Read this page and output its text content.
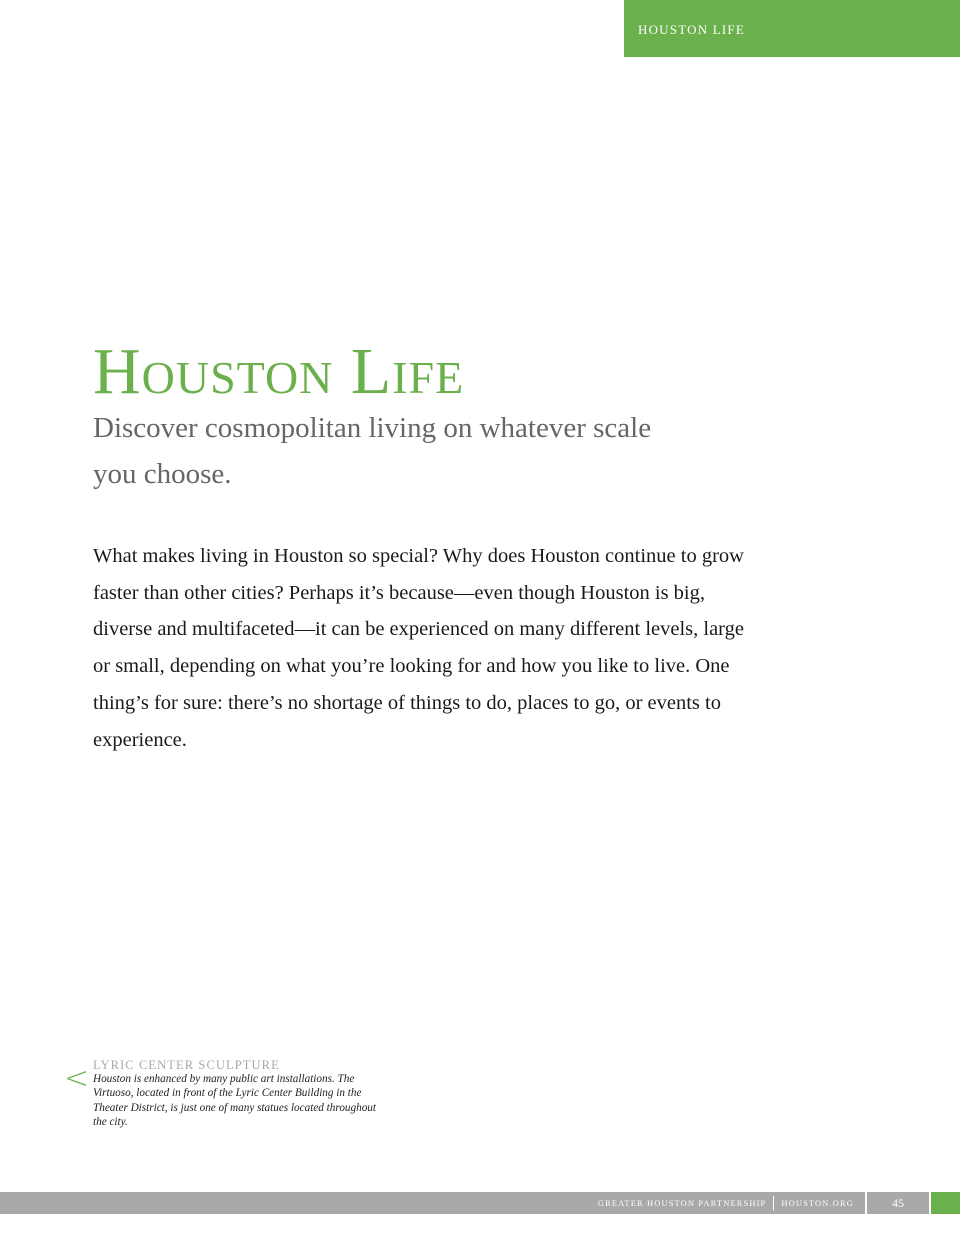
HOUSTON LIFE
Houston Life

Discover cosmopolitan living on whatever scale you choose.

What makes living in Houston so special? Why does Houston continue to grow faster than other cities? Perhaps it’s because—even though Houston is big, diverse and multifaceted—it can be experienced on many different levels, large or small, depending on what you’re looking for and how you like to live. One thing’s for sure: there’s no shortage of things to do, places to go, or events to experience.

< LYRIC CENTER SCULPTURE
Houston is enhanced by many public art installations. The Virtuoso, located in front of the Lyric Center Building in the Theater District, is just one of many statues located throughout the city.
GREATER HOUSTON PARTNERSHIP HOUSTON.ORG	45
